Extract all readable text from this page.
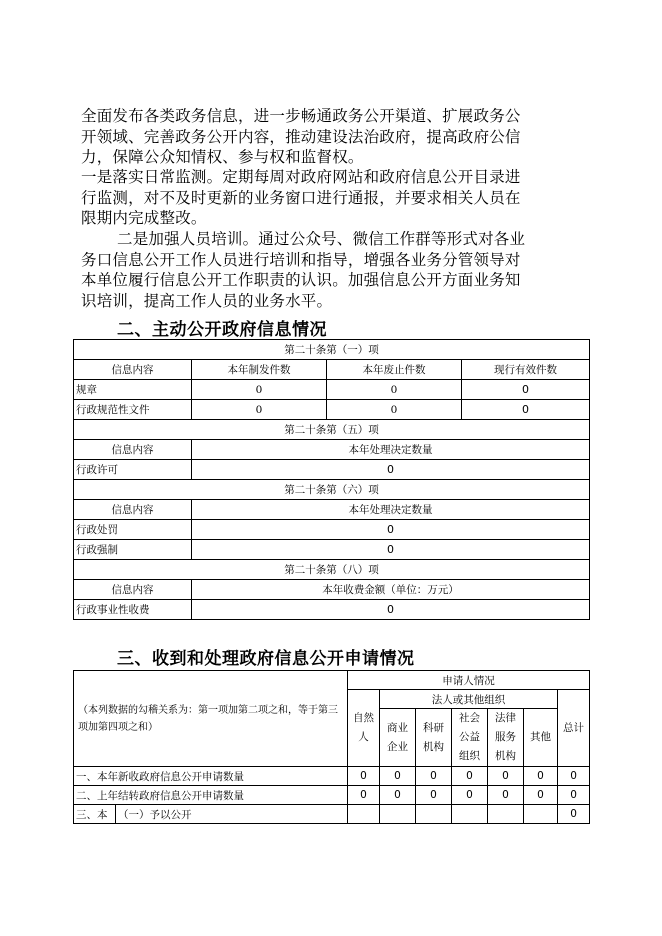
全面发布各类政务信息，进一步畅通政务公开渠道、扩展政务公
开领域、完善政务公开内容，推动建设法治政府，提高政府公信
力，保障公众知情权、参与权和监督权。
一是落实日常监测。定期每周对政府网站和政府信息公开目录进
行监测，对不及时更新的业务窗口进行通报，并要求相关人员在
限期内完成整改。
二是加强人员培训。通过公众号、微信工作群等形式对各业
务口信息公开工作人员进行培训和指导，增强各业务分管领导对
本单位履行信息公开工作职责的认识。加强信息公开方面业务知
识培训，提高工作人员的业务水平。
二、主动公开政府信息情况
第二十条第（一）项			
信息内容	本年制发件数	本年废止件数	现行有效件数
规章	0	0	0
行政规范性文件	0	0	0
第二十条第（五）项			
信息内容	本年处理决定数量		
行政许可	0		
第二十条第（六）项			
信息内容	本年处理决定数量		
行政处罚	0		
行政强制	0		
第二十条第（八）项			
信息内容	本年收费金额（单位：万元）		
行政事业性收费	0		
三、收到和处理政府信息公开申请情况
（本列数据的勾稽关系为：第一项加第二项之和，等于第三项加第四项之和）		申请人情况						
		自然人	法人或其他组织					总计
			商业企业	科研机构	社会公益组织	法律服务机构	其他	
一、本年新收政府信息公开申请数量		0	0	0	0	0	0	0
二、上年结转政府信息公开申请数量		0	0	0	0	0	0	0
三、本	（一）予以公开							0
